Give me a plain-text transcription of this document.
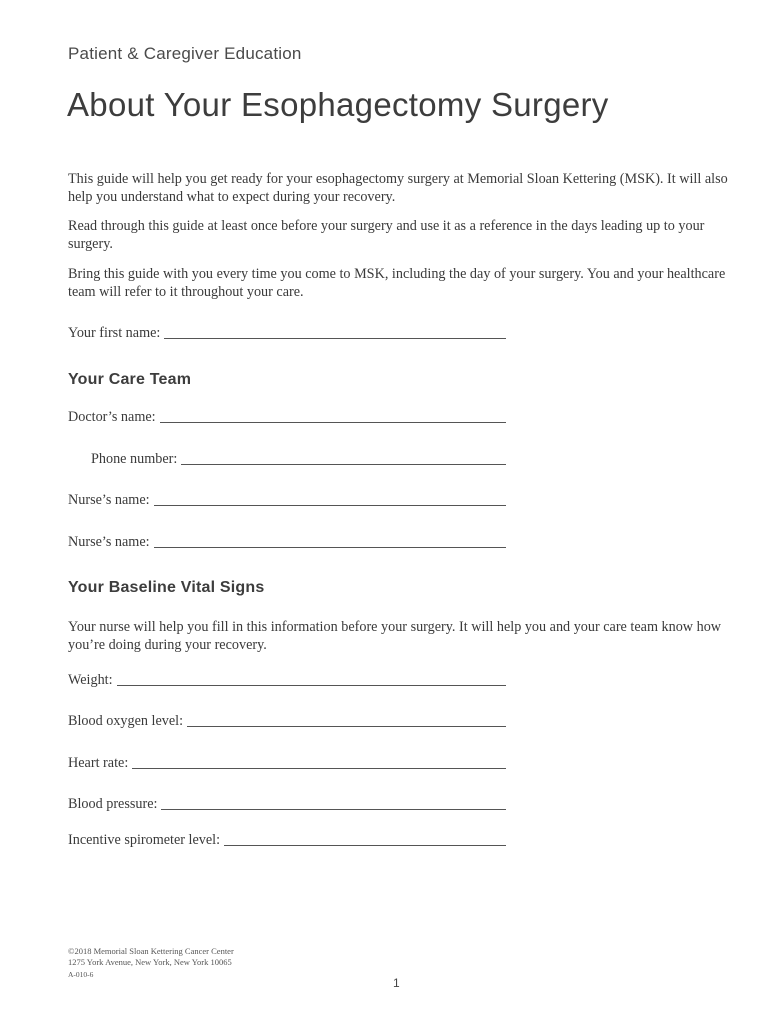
Patient & Caregiver Education
About Your Esophagectomy Surgery

This guide will help you get ready for your esophagectomy surgery at Memorial Sloan Kettering (MSK). It will also help you understand what to expect during your recovery.

Read through this guide at least once before your surgery and use it as a reference in the days leading up to your surgery.

Bring this guide with you every time you come to MSK, including the day of your surgery. You and your healthcare team will refer to it throughout your care.

Your first name:
Your Care Team
Doctor’s name:
Phone number:
Nurse’s name:
Nurse’s name:
Your Baseline Vital Signs

Your nurse will help you fill in this information before your surgery. It will help you and your care team know how you’re doing during your recovery.

Weight:
Blood oxygen level:
Heart rate:
Blood pressure:
Incentive spirometer level:
©2018 Memorial Sloan Kettering Cancer Center
1275 York Avenue, New York, New York 10065
A-010-6
1
